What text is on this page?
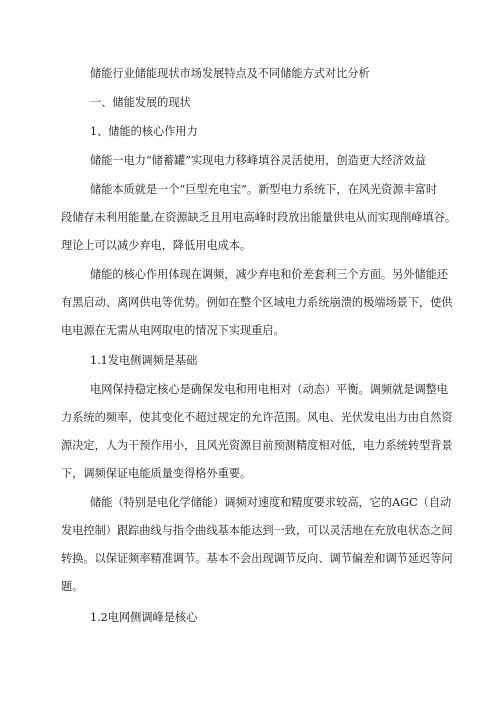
储能行业储能现状市场发展特点及不同储能方式对比分析
一、储能发展的现状
1、储能的核心作用力
储能一电力“储蓄罐”实现电力移峰填谷灵活使用，创造更大经济效益
储能本质就是一个“巨型充电宝”。新型电力系统下，在风光资源丰富时
段储存未利用能量,在资源缺乏且用电高峰时段放出能量供电从而实现削峰填谷。
理论上可以减少弃电，降低用电成本。
储能的核心作用体现在调频，减少弃电和价差套利三个方面。另外储能还
有黑启动、离网供电等优势。例如在整个区域电力系统崩溃的极端场景下，使供
电电源在无需从电网取电的情况下实现重启。
1.1发电侧调频是基础
电网保持稳定核心是确保发电和用电相对（动态）平衡。调频就是调整电
力系统的频率，使其变化不超过规定的允许范围。风电、光伏发电出力由自然资
源决定，人为干预作用小，且风光资源目前预测精度相对低，电力系统转型背景
下，调频保证电能质量变得格外重要。
储能（特别是电化学储能）调频对速度和精度要求较高，它的AGC（自动
发电控制）跟踪曲线与指令曲线基本能达到一致，可以灵活地在充放电状态之间
转换。以保证频率精准调节。基本不会出现调节反向、调节偏差和调节延迟等问
题。
1.2电网侧调峰是核心
